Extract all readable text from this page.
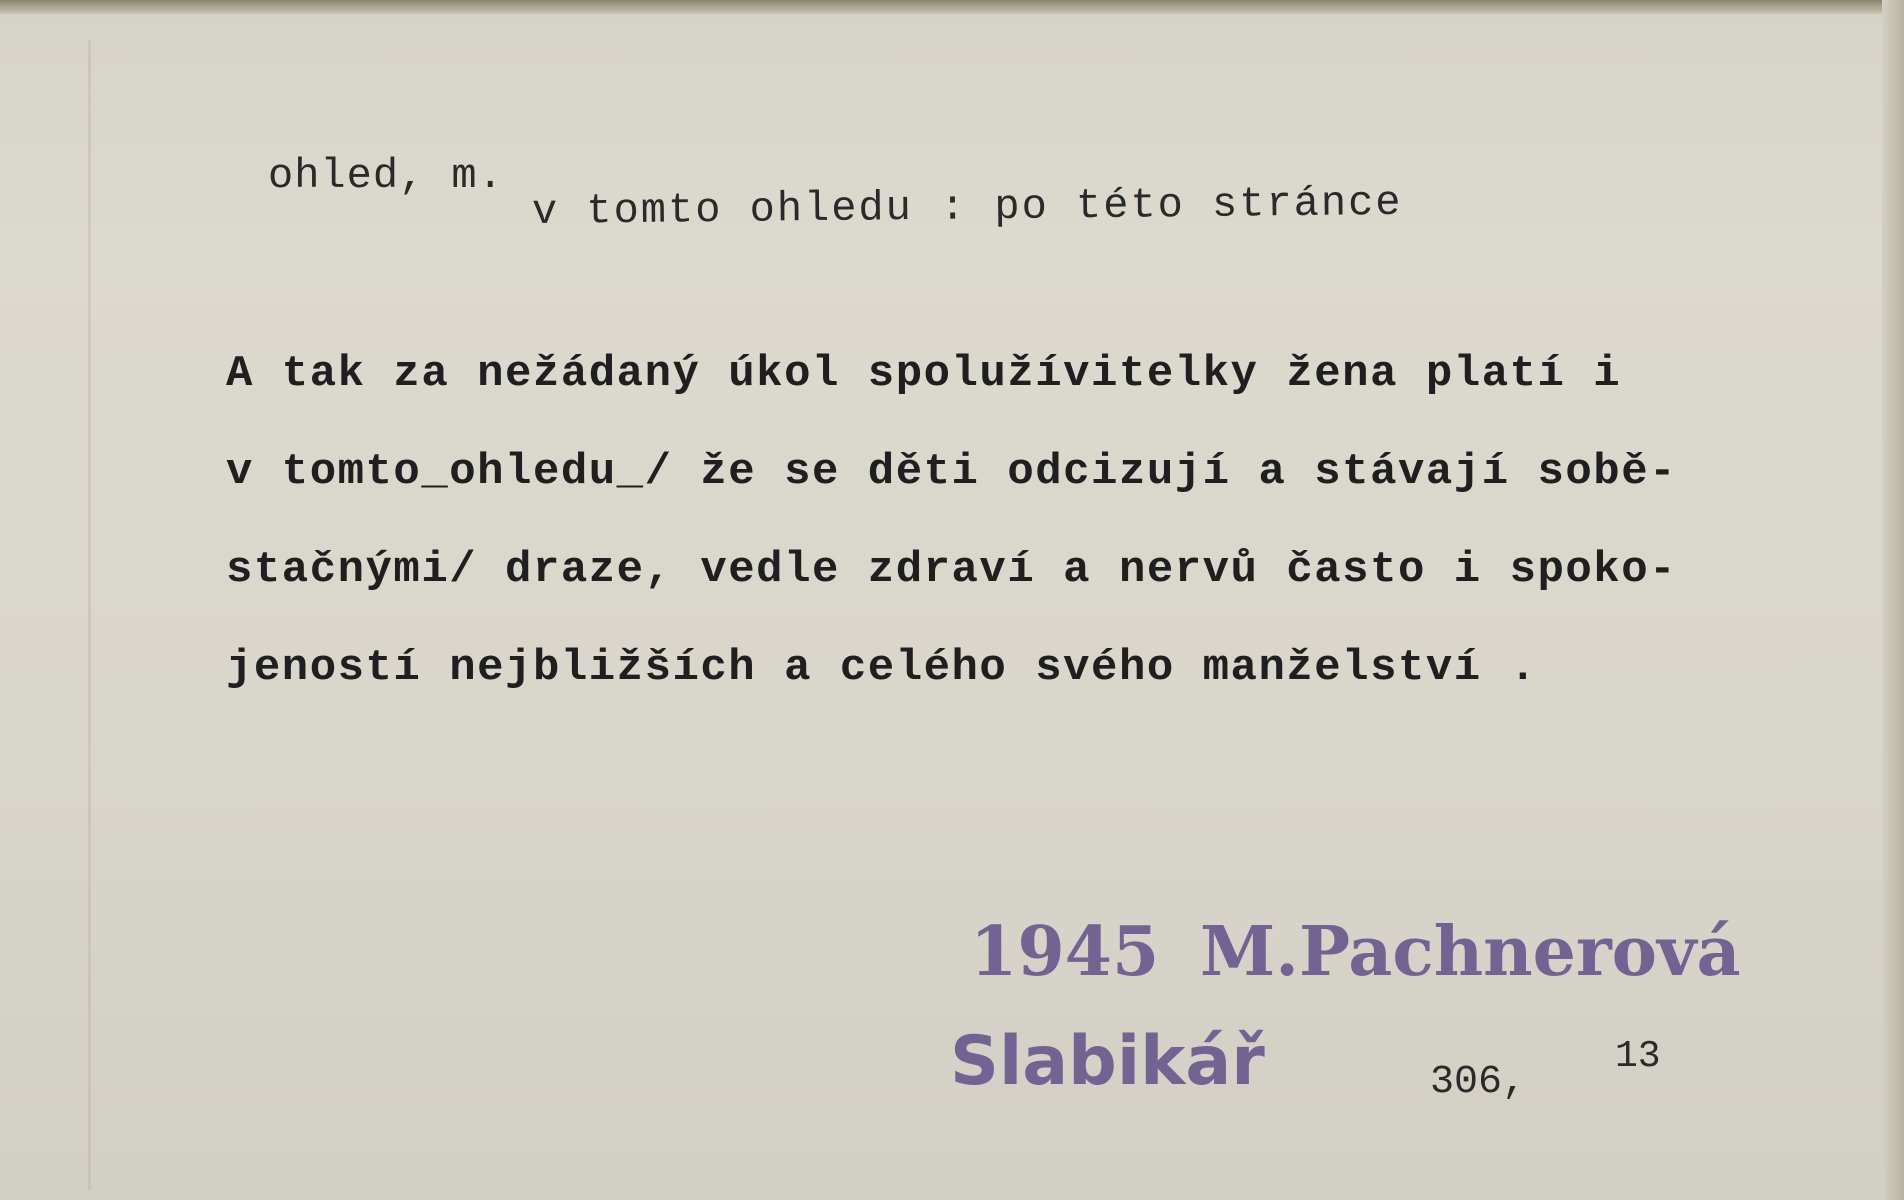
ohled, m.

v tomto ohledu : po této stránce

A tak za nežádaný úkol spolužívitelky žena platí i
v tomto_ohledu_/ že se děti odcizují a stávají sobě-
stačnými/ draze, vedle zdraví a nervů často i spoko-
jeností nejbližších a celého svého manželství .
1945 M.Pachnerová
Slabikář	306,
13
